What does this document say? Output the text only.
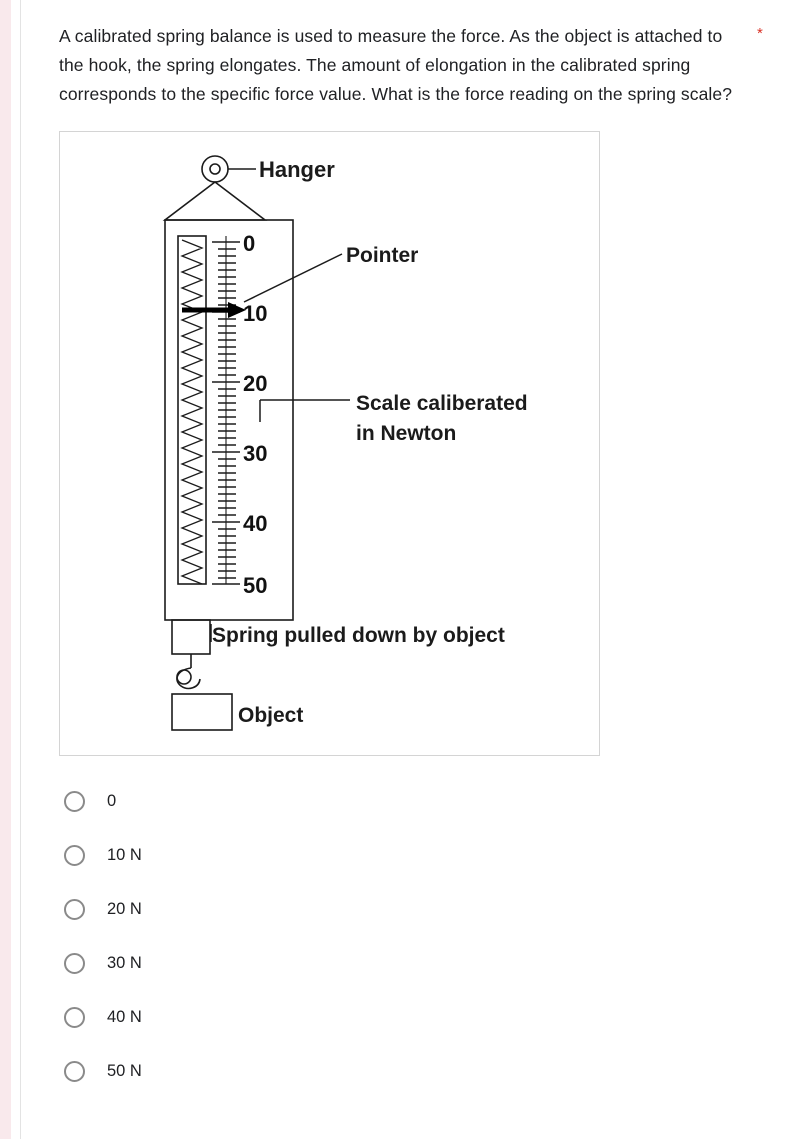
A calibrated spring balance is used to measure the force. As the object is attached to the hook, the spring elongates. The amount of elongation in the calibrated spring corresponds to the specific force value. What is the force reading on the spring scale?
*
Hanger
Pointer
Scale caliberated
in Newton
Spring pulled down by object
Object
0
10
20
30
40
50
0
10 N
20 N
30 N
40 N
50 N
